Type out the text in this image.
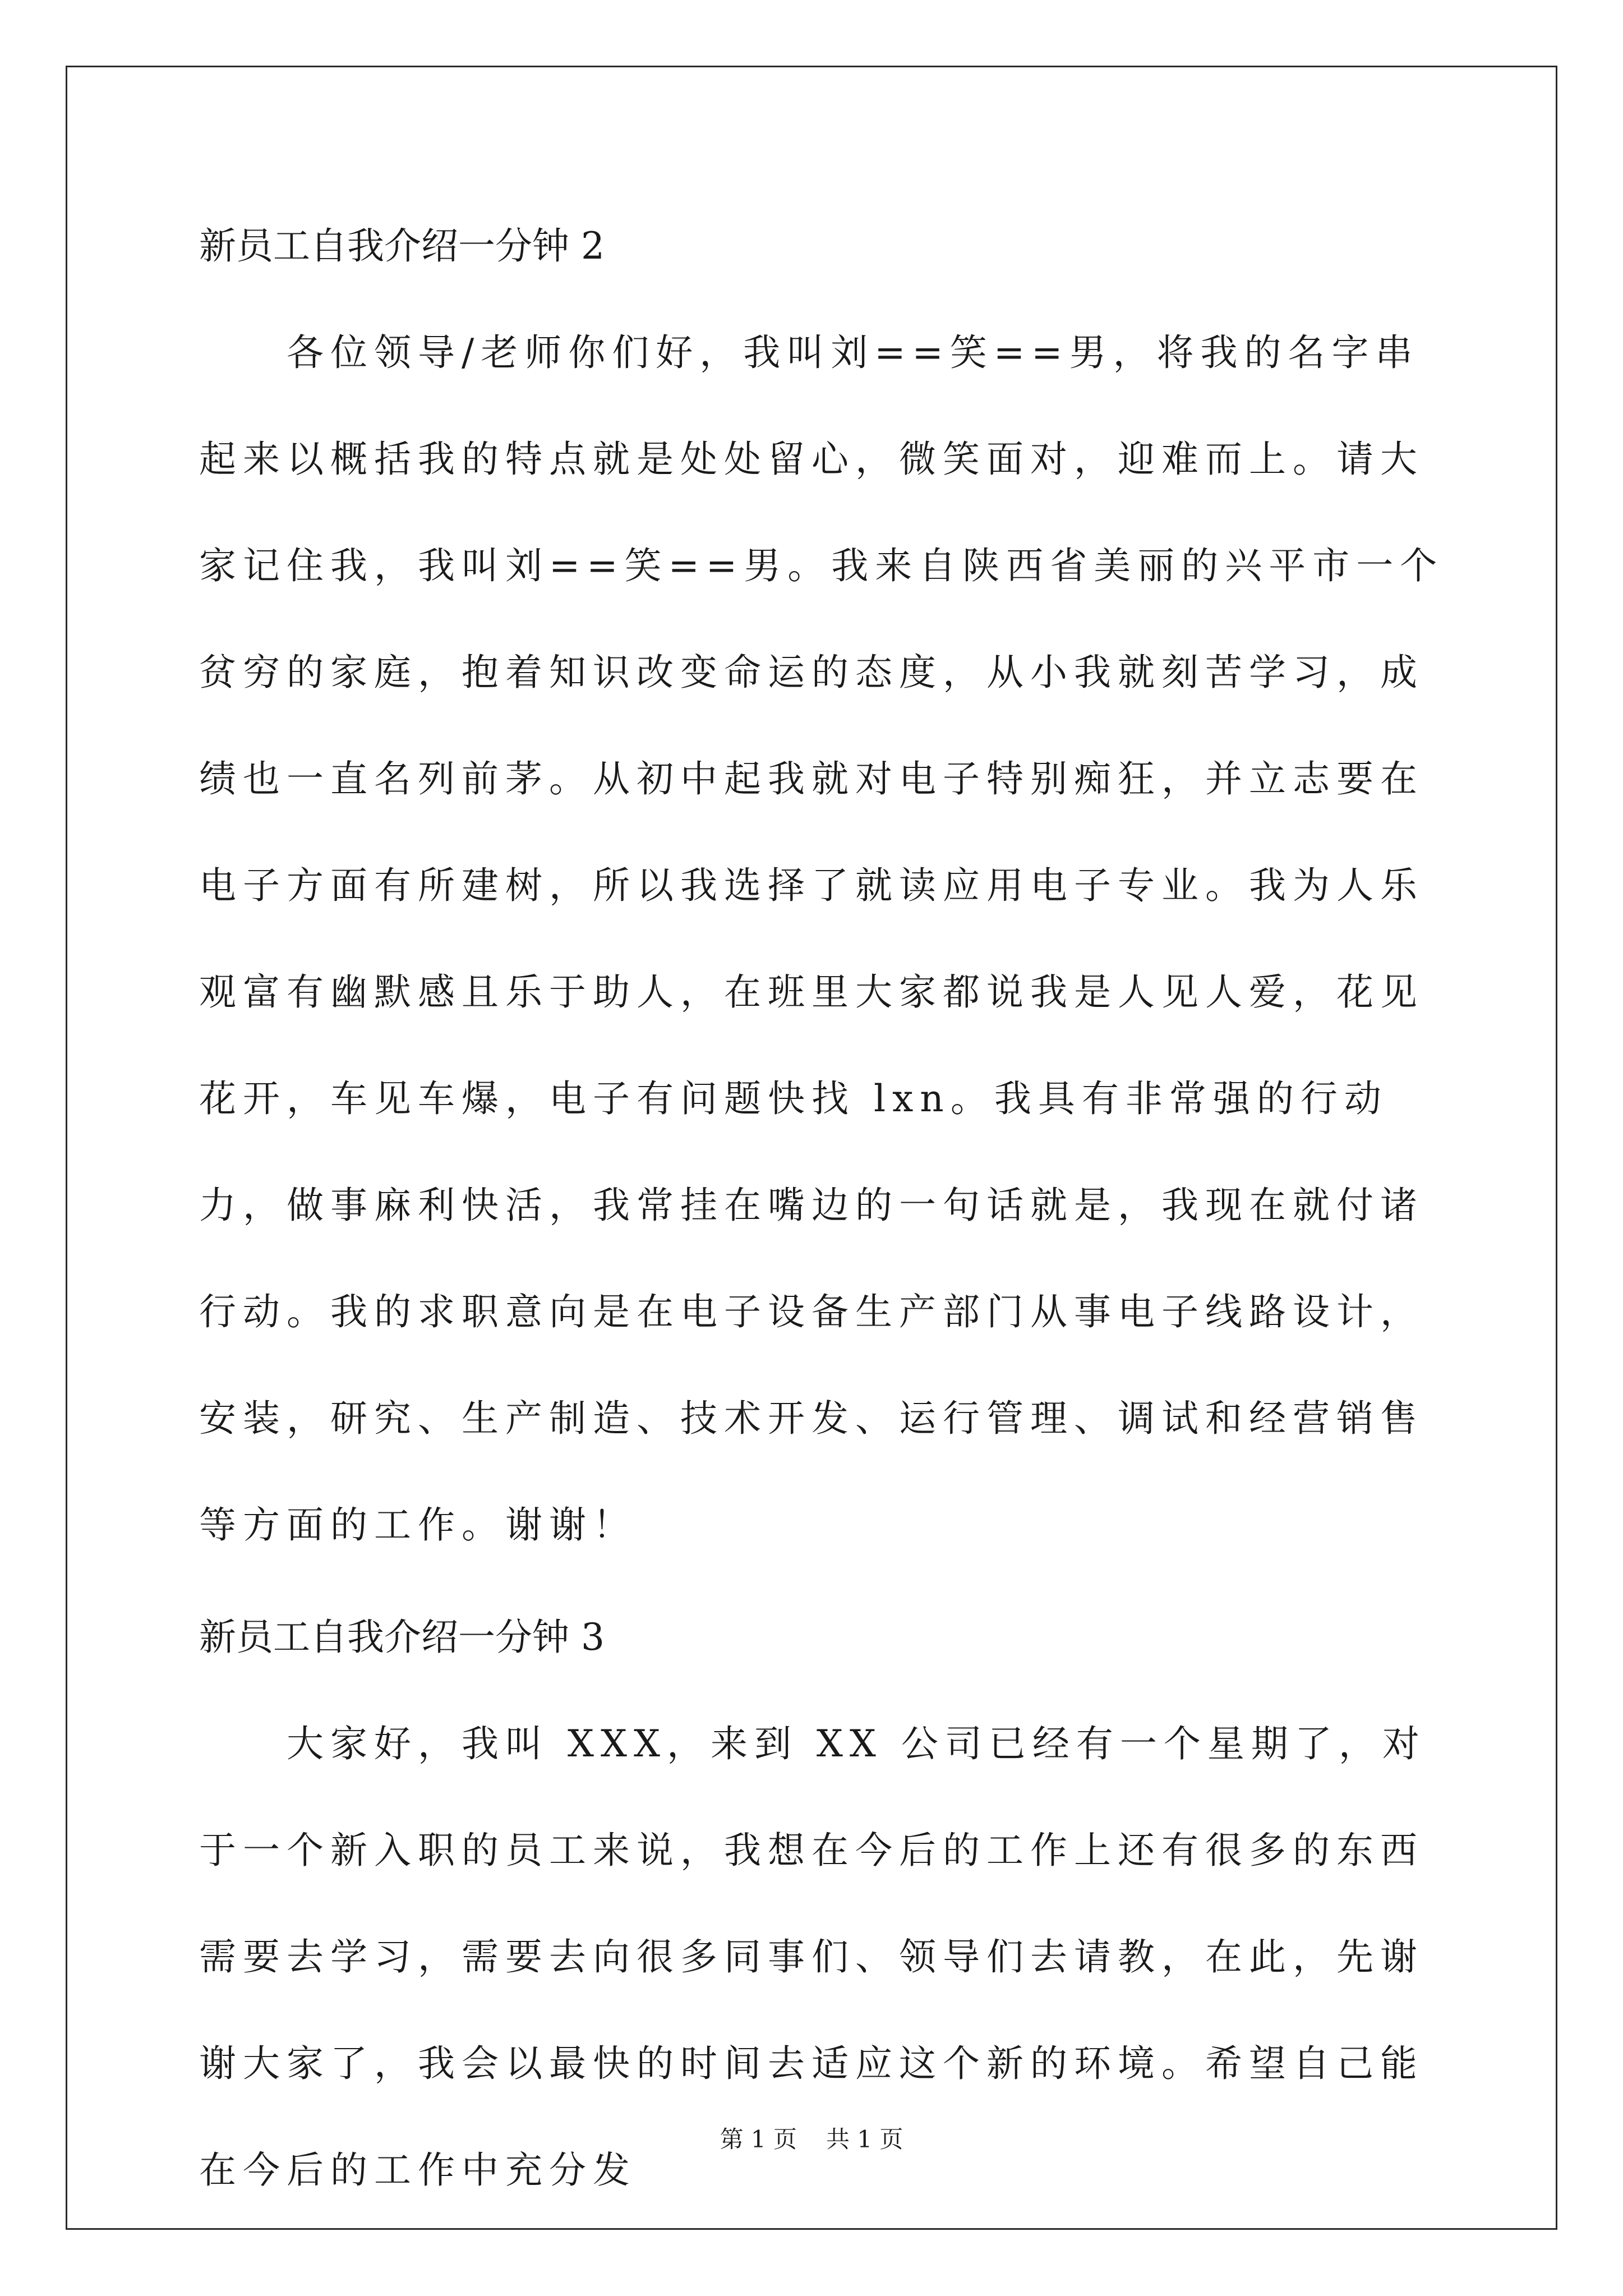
新员工自我介绍一分钟 2

各位领导/老师你们好，我叫刘==笑==男，将我的名字串起来以概括我的特点就是处处留心，微笑面对，迎难而上。请大家记住我，我叫刘==笑==男。我来自陕西省美丽的兴平市一个贫穷的家庭，抱着知识改变命运的态度，从小我就刻苦学习，成绩也一直名列前茅。从初中起我就对电子特别痴狂，并立志要在电子方面有所建树，所以我选择了就读应用电子专业。我为人乐观富有幽默感且乐于助人，在班里大家都说我是人见人爱，花见花开，车见车爆，电子有问题快找 lxn。我具有非常强的行动力，做事麻利快活，我常挂在嘴边的一句话就是，我现在就付诸行动。我的求职意向是在电子设备生产部门从事电子线路设计，安装，研究、生产制造、技术开发、运行管理、调试和经营销售等方面的工作。谢谢！

新员工自我介绍一分钟 3

大家好，我叫 XXX，来到 XX 公司已经有一个星期了，对于一个新入职的员工来说，我想在今后的工作上还有很多的东西需要去学习，需要去向很多同事们、领导们去请教，在此，先谢谢大家了，我会以最快的时间去适应这个新的环境。希望自己能在今后的工作中充分发

第 1 页 共 1 页
